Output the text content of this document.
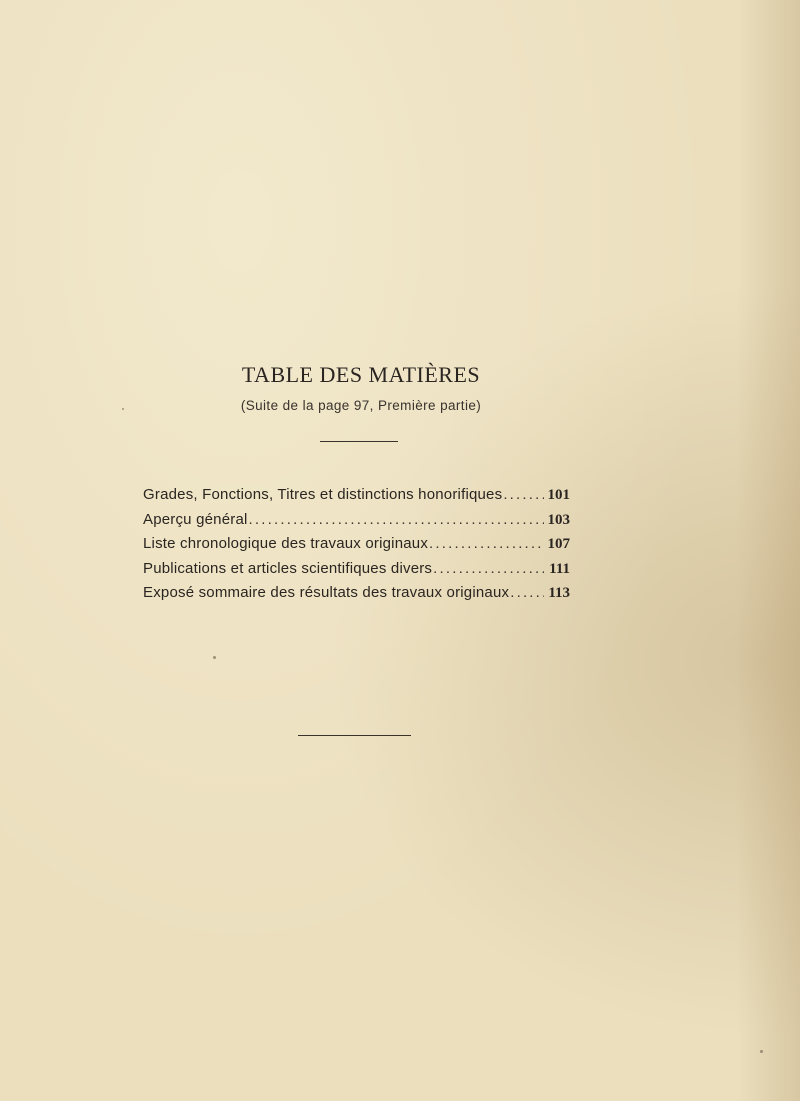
TABLE DES MATIÈRES
(Suite de la page 97, Première partie)
Grades, Fonctions, Titres et distinctions honorifiques .....	101
Aperçu général .....	103
Liste chronologique des travaux originaux .....	107
Publications et articles scientifiques divers .....	111
Exposé sommaire des résultats des travaux originaux .....	113
